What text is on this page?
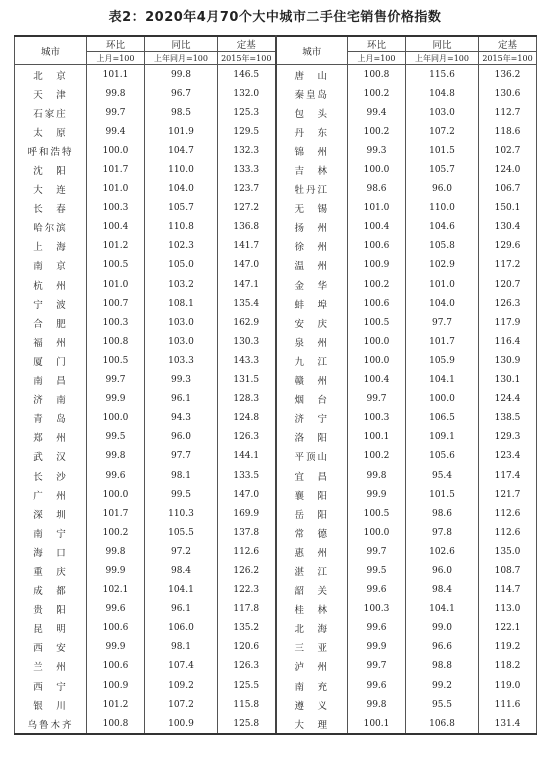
表2：2020年4月70个大中城市二手住宅销售价格指数
城市	环比	同比	定基	城市	环比	同比	定基
	上月=100	上年同月=100	2015年=100		上月=100	上年同月=100	2015年=100
北　京	101.1	99.8	146.5	唐　山	100.8	115.6	136.2
天　津	99.8	96.7	132.0	秦皇岛	100.2	104.8	130.6
石家庄	99.7	98.5	125.3	包　头	99.4	103.0	112.7
太　原	99.4	101.9	129.5	丹　东	100.2	107.2	118.6
呼和浩特	100.0	104.7	132.3	锦　州	99.3	101.5	102.7
沈　阳	101.7	110.0	133.3	吉　林	100.0	105.7	124.0
大　连	101.0	104.0	123.7	牡丹江	98.6	96.0	106.7
长　春	100.3	105.7	127.2	无　锡	101.0	110.0	150.1
哈尔滨	100.4	110.8	136.8	扬　州	100.4	104.6	130.4
上　海	101.2	102.3	141.7	徐　州	100.6	105.8	129.6
南　京	100.5	105.0	147.0	温　州	100.9	102.9	117.2
杭　州	101.0	103.2	147.1	金　华	100.2	101.0	120.7
宁　波	100.7	108.1	135.4	蚌　埠	100.6	104.0	126.3
合　肥	100.3	103.0	162.9	安　庆	100.5	97.7	117.9
福　州	100.8	103.0	130.3	泉　州	100.0	101.7	116.4
厦　门	100.5	103.3	143.3	九　江	100.0	105.9	130.9
南　昌	99.7	99.3	131.5	赣　州	100.4	104.1	130.1
济　南	99.9	96.1	128.3	烟　台	99.7	100.0	124.4
青　岛	100.0	94.3	124.8	济　宁	100.3	106.5	138.5
郑　州	99.5	96.0	126.3	洛　阳	100.1	109.1	129.3
武　汉	99.8	97.7	144.1	平顶山	100.2	105.6	123.4
长　沙	99.6	98.1	133.5	宜　昌	99.8	95.4	117.4
广　州	100.0	99.5	147.0	襄　阳	99.9	101.5	121.7
深　圳	101.7	110.3	169.9	岳　阳	100.5	98.6	112.6
南　宁	100.2	105.5	137.8	常　德	100.0	97.8	112.6
海　口	99.8	97.2	112.6	惠　州	99.7	102.6	135.0
重　庆	99.9	98.4	126.2	湛　江	99.5	96.0	108.7
成　都	102.1	104.1	122.3	韶　关	99.6	98.4	114.7
贵　阳	99.6	96.1	117.8	桂　林	100.3	104.1	113.0
昆　明	100.6	106.0	135.2	北　海	99.6	99.0	122.1
西　安	99.9	98.1	120.6	三　亚	99.9	96.6	119.2
兰　州	100.6	107.4	126.3	泸　州	99.7	98.8	118.2
西　宁	100.9	109.2	125.5	南　充	99.6	99.2	119.0
银　川	101.2	107.2	115.8	遵　义	99.8	95.5	111.6
乌鲁木齐	100.8	100.9	125.8	大　理	100.1	106.8	131.4
